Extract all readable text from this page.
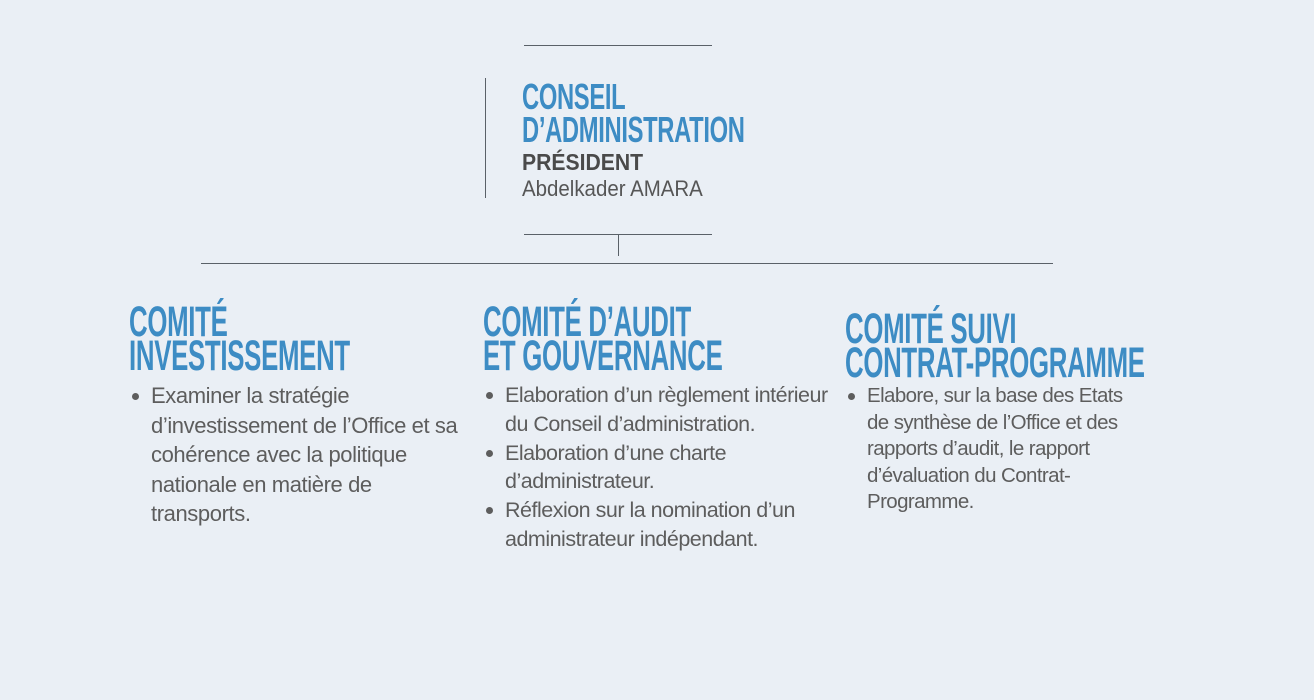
CONSEIL
D’ADMINISTRATION
PRÉSIDENT
Abdelkader AMARA
COMITÉ
INVESTISSEMENT
Examiner la stratégie d’investissement de l’Office et sa cohérence avec la politique nationale en matière de transports.
COMITÉ D’AUDIT
ET GOUVERNANCE
Elaboration d’un règlement intérieur du Conseil d’administration.
Elaboration d’une charte d’administrateur.
Réflexion sur la nomination d’un administrateur indépendant.
COMITÉ SUIVI
CONTRAT-PROGRAMME
Elabore, sur la base des Etats de synthèse de l’Office et des rapports d’audit, le rapport d’évaluation du Contrat-Programme.
